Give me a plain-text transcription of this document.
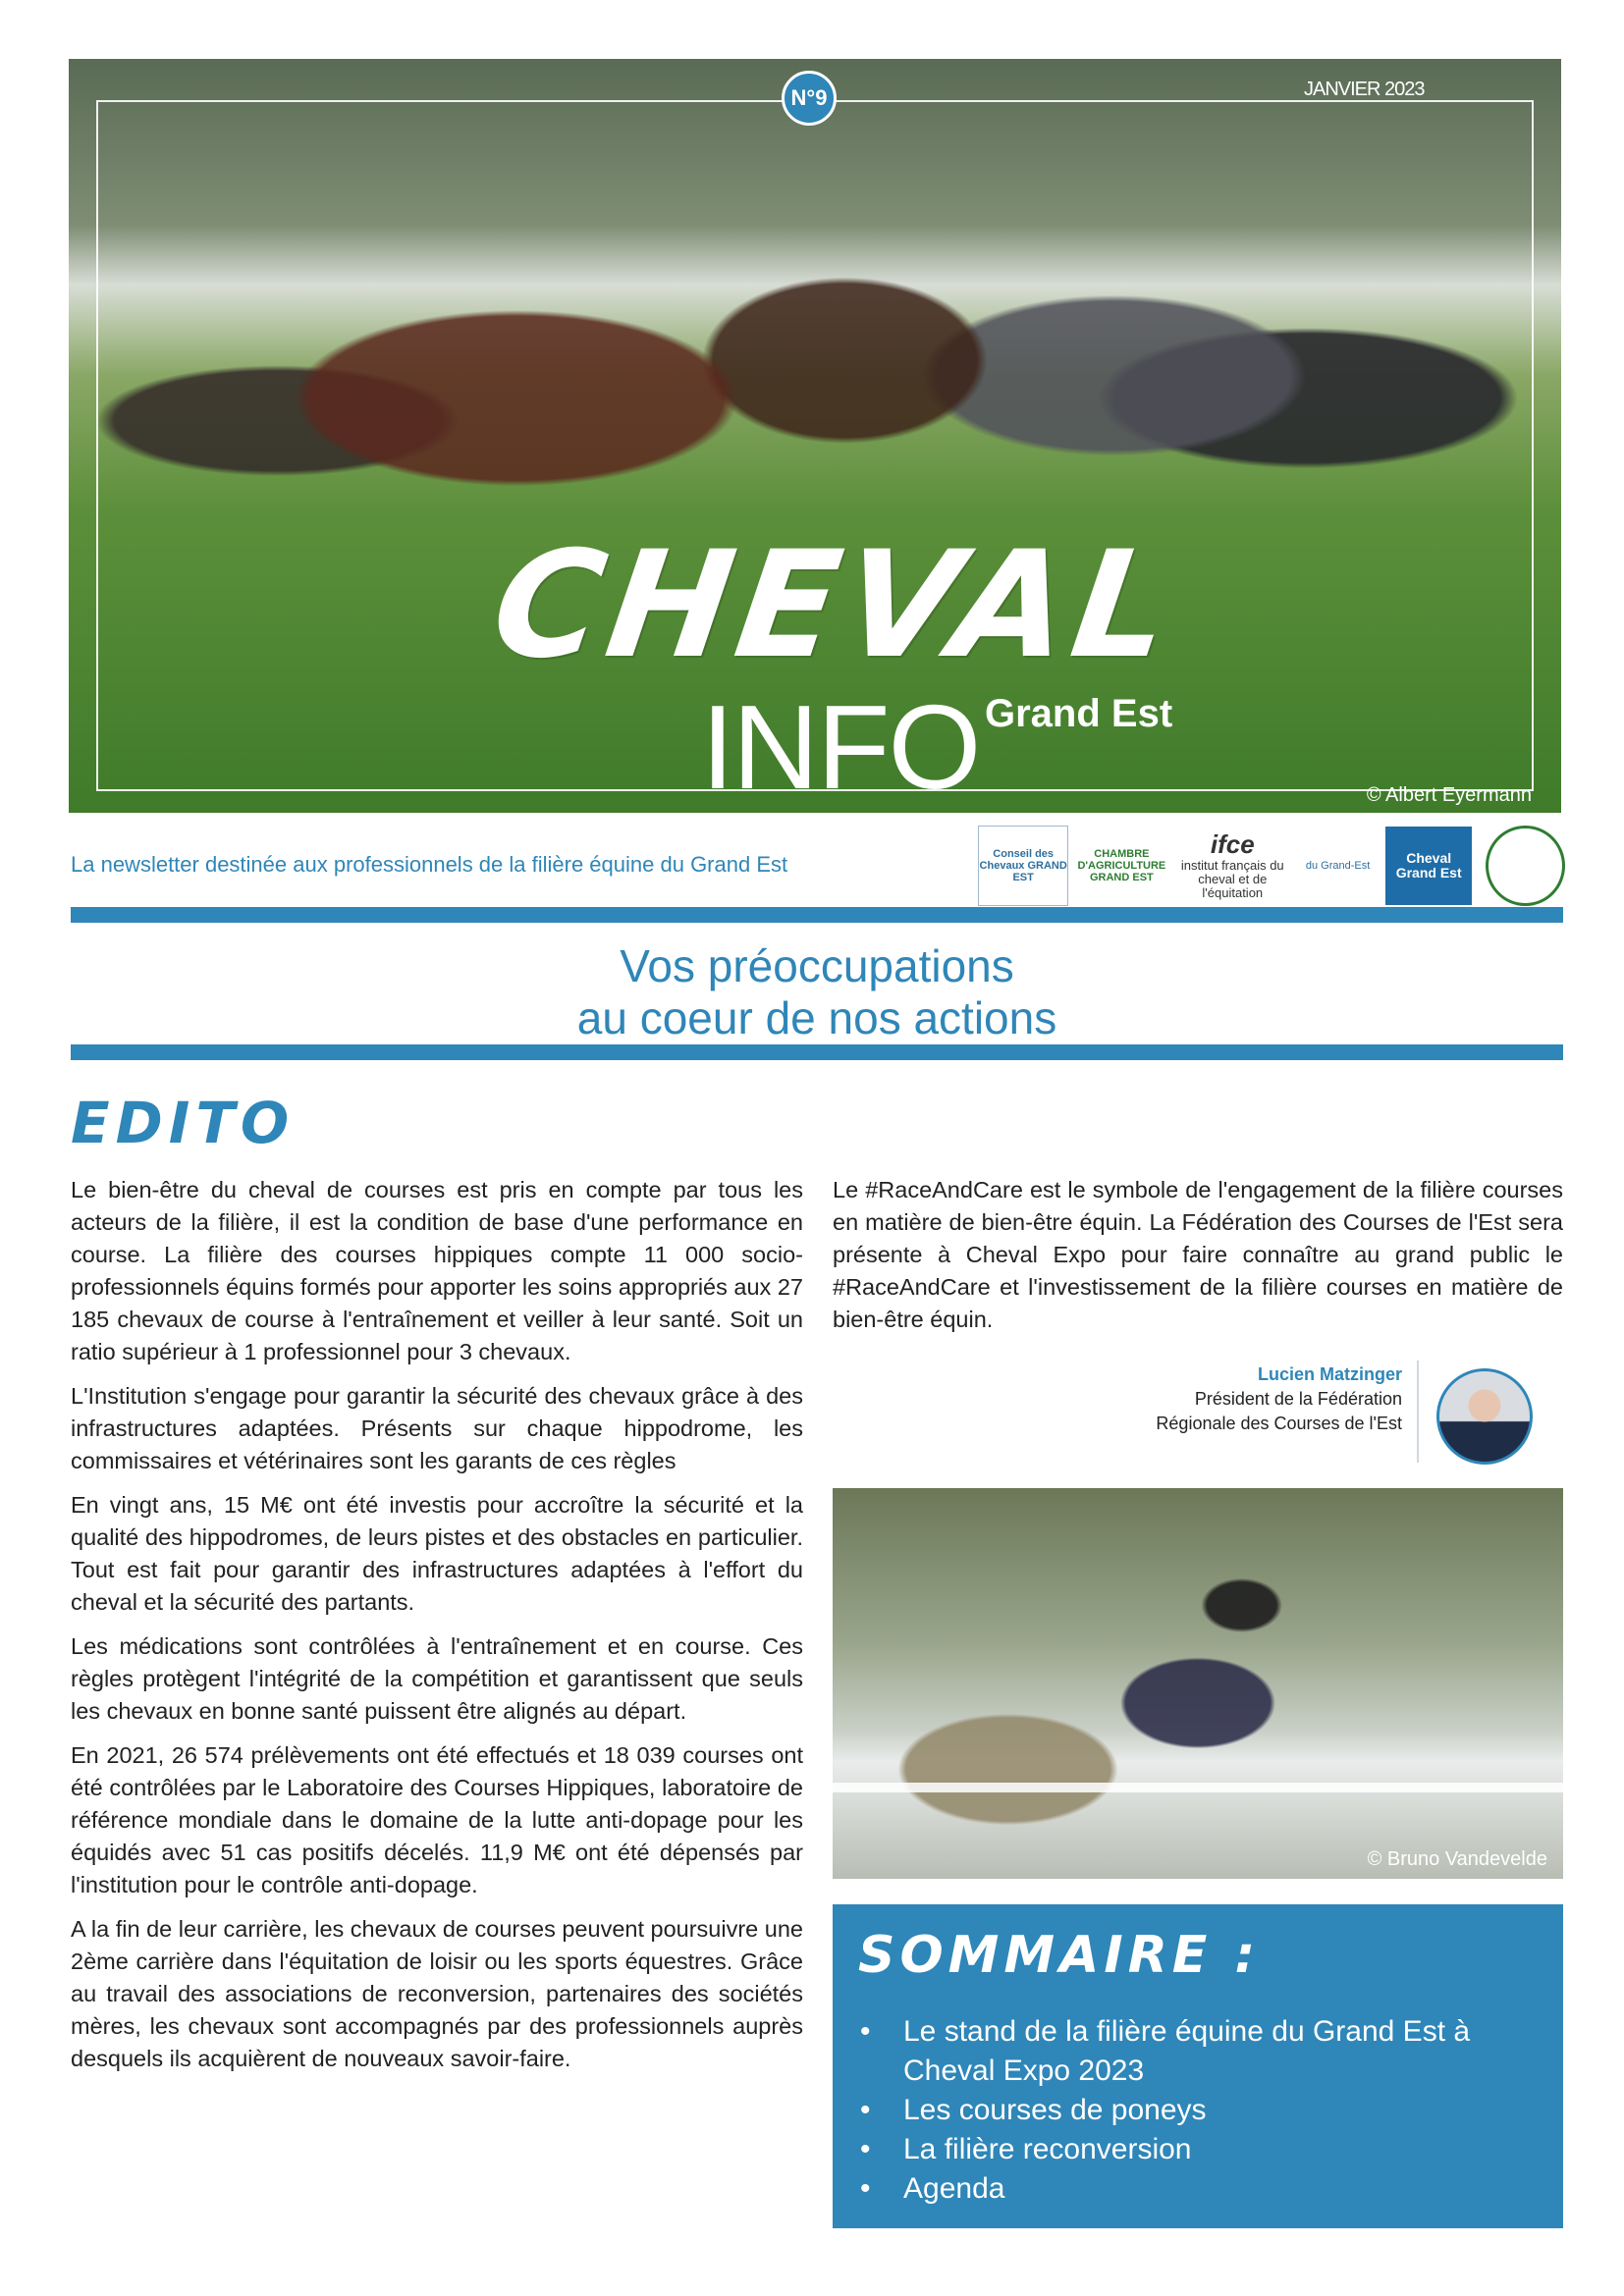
N°9	JANVIER 2023
CHEVAL
INFO Grand Est
© Albert Eyermann
La newsletter destinée aux professionnels de la filière équine du Grand Est	Conseil des Chevaux GRAND EST
CHAMBRE D'AGRICULTURE GRAND EST
ifce
institut français du cheval et de l'équitation
du Grand-Est
Cheval Grand Est
Vos préoccupations
au coeur de nos actions
EDITO

Le bien-être du cheval de courses est pris en compte par tous les acteurs de la filière, il est la condition de base d'une performance en course. La filière des courses hippiques compte 11 000 socio-professionnels équins formés pour apporter les soins appropriés aux 27 185 chevaux de course à l'entraînement et veiller à leur santé. Soit un ratio supérieur à 1 professionnel pour 3 chevaux.

L'Institution s'engage pour garantir la sécurité des chevaux grâce à des infrastructures adaptées. Présents sur chaque hippodrome, les commissaires et vétérinaires sont les garants de ces règles

En vingt ans, 15 M€ ont été investis pour accroître la sécurité et la qualité des hippodromes, de leurs pistes et des obstacles en particulier. Tout est fait pour garantir des infrastructures adaptées à l'effort du cheval et la sécurité des partants.

Les médications sont contrôlées à l'entraînement et en course. Ces règles protègent l'intégrité de la compétition et garantissent que seuls les chevaux en bonne santé puissent être alignés au départ.

En 2021, 26 574 prélèvements ont été effectués et 18 039 courses ont été contrôlées par le Laboratoire des Courses Hippiques, laboratoire de référence mondiale dans le domaine de la lutte anti-dopage pour les équidés avec 51 cas positifs décelés. 11,9 M€ ont été dépensés par l'institution pour le contrôle anti-dopage.

A la fin de leur carrière, les chevaux de courses peuvent poursuivre une 2ème carrière dans l'équitation de loisir ou les sports équestres. Grâce au travail des associations de reconversion, partenaires des sociétés mères, les chevaux sont accompagnés par des professionnels auprès desquels ils acquièrent de nouveaux savoir-faire.

Le #RaceAndCare est le symbole de l'engagement de la filière courses en matière de bien-être équin. La Fédération des Courses de l'Est sera présente à Cheval Expo pour faire connaître au grand public le #RaceAndCare et l'investissement de la filière courses en matière de bien-être équin.

Lucien Matzinger
Président de la Fédération
Régionale des Courses de l'Est
© Bruno Vandevelde
SOMMAIRE :
• Le stand de la filière équine du Grand Est à Cheval Expo 2023
• Les courses de poneys
• La filière reconversion
• Agenda
